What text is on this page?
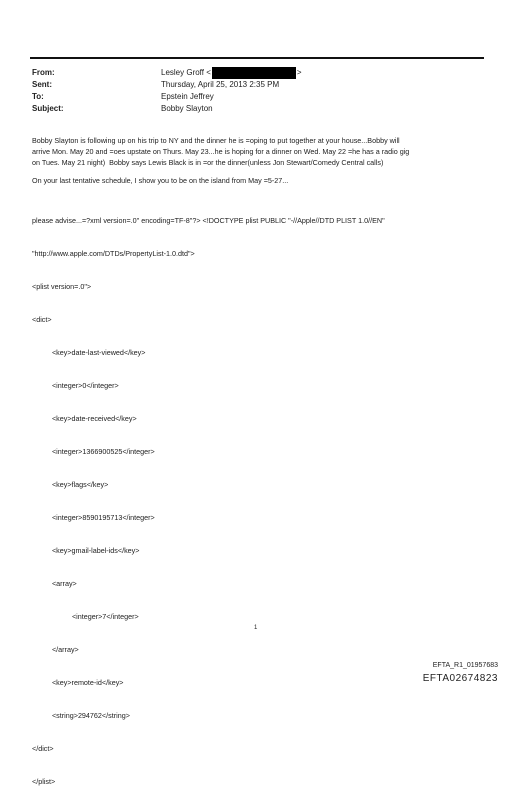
From:	Lesley Groff <	>
Sent:	Thursday, April 25, 2013 2:35 PM
To:	Epstein Jeffrey
Subject:	Bobby Slayton

Bobby Slayton is following up on his trip to NY and the dinner he is =oping to put together at your house...Bobby will
arrive Mon. May 20 and =oes upstate on Thurs. May 23...he is hoping for a dinner on Wed. May 22 =he has a radio gig
on Tues. May 21 night)  Bobby says Lewis Black is in =or the dinner(unless Jon Stewart/Comedy Central calls)

On your last tentative schedule, I show you to be on the island from May =5-27...

please advise...=?xml version=.0" encoding=TF-8"?> <!DOCTYPE plist PUBLIC "-//Apple//DTD PLIST 1.0//EN"

"http://www.apple.com/DTDs/PropertyList-1.0.dtd">

<plist version=.0">

<dict>

<key>date-last-viewed</key>

<integer>0</integer>

<key>date-received</key>

<integer>1366900525</integer>

<key>flags</key>

<integer>8590195713</integer>

<key>gmail-label-ids</key>

<array>

<integer>7</integer>

</array>

<key>remote-id</key>

<string>294762</string>

</dict>

</plist>

1
EFTA_R1_01957683
EFTA02674823
